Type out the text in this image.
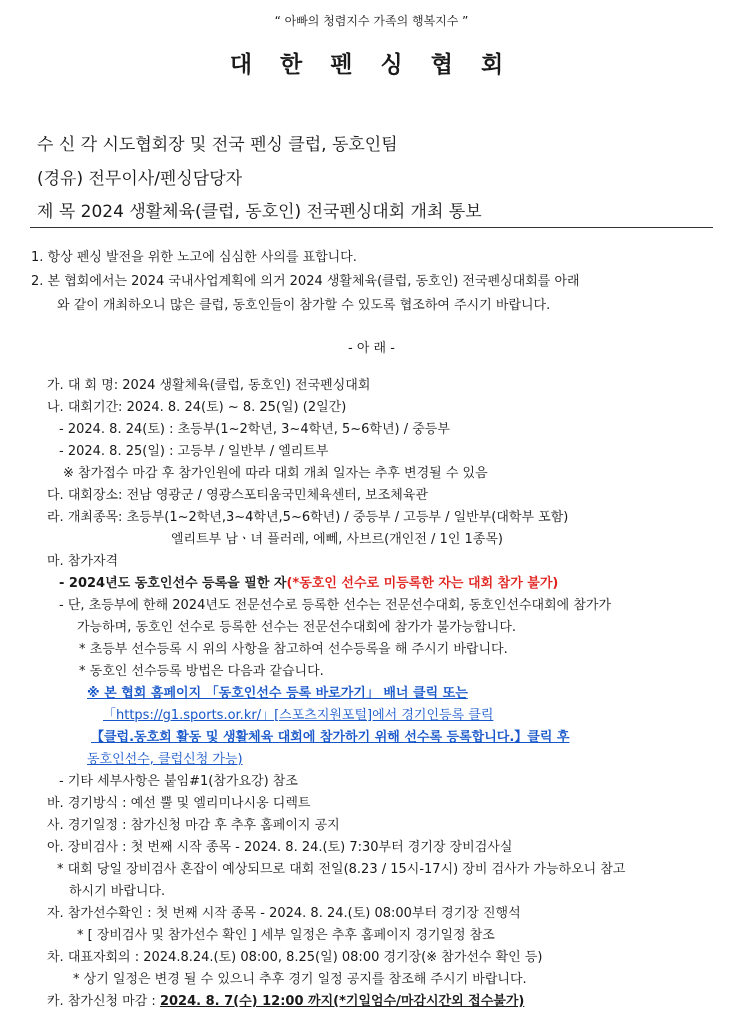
“ 아빠의 청렴지수 가족의 행복지수 ”
대 한 펜 싱 협 회
수 신 각 시도협회장 및 전국 펜싱 클럽, 동호인팀
(경유) 전무이사/펜싱담당자
제 목 2024 생활체육(클럽, 동호인) 전국펜싱대회 개최 통보
1. 항상 펜싱 발전을 위한 노고에 심심한 사의를 표합니다.
2. 본 협회에서는 2024 국내사업계획에 의거 2024 생활체육(클럽, 동호인) 전국펜싱대회를 아래
와 같이 개최하오니 많은 클럽, 동호인들이 참가할 수 있도록 협조하여 주시기 바랍니다.
- 아 래 -
가. 대 회 명: 2024 생활체육(클럽, 동호인) 전국펜싱대회
나. 대회기간: 2024. 8. 24(토) ~ 8. 25(일) (2일간)
- 2024. 8. 24(토) : 초등부(1~2학년, 3~4학년, 5~6학년) / 중등부
- 2024. 8. 25(일) : 고등부 / 일반부 / 엘리트부
※ 참가접수 마감 후 참가인원에 따라 대회 개최 일자는 추후 변경될 수 있음
다. 대회장소: 전남 영광군 / 영광스포티움국민체육센터, 보조체육관
라. 개최종목: 초등부(1~2학년,3~4학년,5~6학년) / 중등부 / 고등부 / 일반부(대학부 포함)
엘리트부 남ㆍ녀 플러레, 에뻬, 사브르(개인전 / 1인 1종목)
마. 참가자격
- 2024년도 동호인선수 등록을 필한 자(*동호인 선수로 미등록한 자는 대회 참가 불가)
- 단, 초등부에 한해 2024년도 전문선수로 등록한 선수는 전문선수대회, 동호인선수대회에 참가가
가능하며, 동호인 선수로 등록한 선수는 전문선수대회에 참가가 불가능합니다.
* 초등부 선수등록 시 위의 사항을 참고하여 선수등록을 해 주시기 바랍니다.
* 동호인 선수등록 방법은 다음과 같습니다.
※ 본 협회 홈페이지 「동호인선수 등록 바로가기」 배너 클릭 또는
「https://g1.sports.or.kr/」[스포츠지원포털]에서 경기인등록 클릭
【클럽.동호회 활동 및 생활체육 대회에 참가하기 위해 선수록 등록합니다.】클릭 후
동호인선수, 클럽신청 가능)
- 기타 세부사항은 붙임#1(참가요강) 참조
바. 경기방식 : 예선 뿔 및 엘리미나시옹 디렉트
사. 경기일정 : 참가신청 마감 후 추후 홈페이지 공지
아. 장비검사 : 첫 번째 시작 종목 - 2024. 8. 24.(토) 7:30부터 경기장 장비검사실
* 대회 당일 장비검사 혼잡이 예상되므로 대회 전일(8.23 / 15시-17시) 장비 검사가 가능하오니 참고
하시기 바랍니다.
자. 참가선수확인 : 첫 번째 시작 종목 - 2024. 8. 24.(토) 08:00부터 경기장 진행석
* [ 장비검사 및 참가선수 확인 ] 세부 일정은 추후 홈페이지 경기일정 참조
차. 대표자회의 : 2024.8.24.(토) 08:00, 8.25(일) 08:00 경기장(※ 참가선수 확인 등)
* 상기 일정은 변경 될 수 있으니 추후 경기 일정 공지를 참조해 주시기 바랍니다.
카. 참가신청 마감 : 2024. 8. 7(수) 12:00 까지(*기일엄수/마감시간외 접수불가)
